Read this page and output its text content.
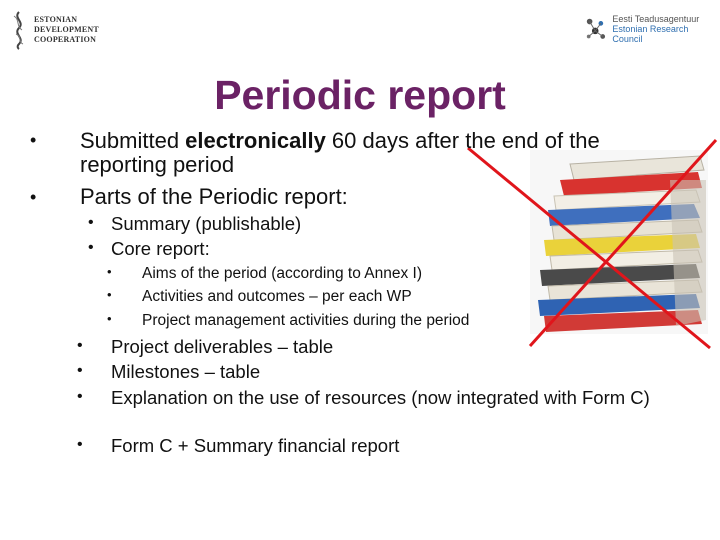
ESTONIAN
DEVELOPMENT
COOPERATION
Eesti Teadusagentuur
Estonian Research Council
Periodic report
• Submitted electronically 60 days after the end of the reporting period
• Parts of the Periodic report:
• Summary (publishable)
• Core report:
• Aims of the period (according to Annex I)
• Activities and outcomes – per each WP
• Project management activities during the period
• Project deliverables – table
• Milestones – table
• Explanation on the use of resources (now integrated with Form C)
• Form C + Summary financial report
